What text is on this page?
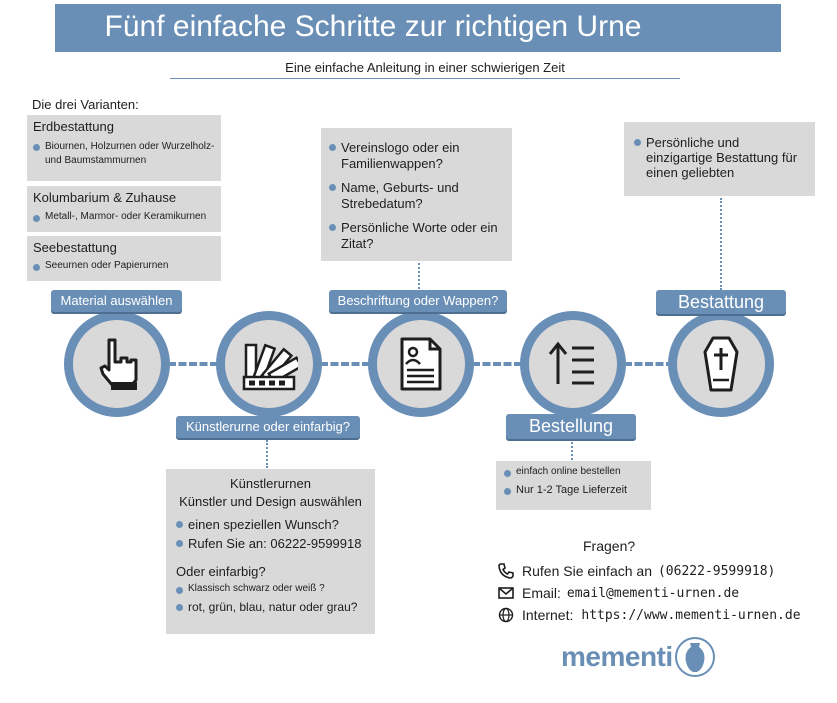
Fünf einfache Schritte zur richtigen Urne
Eine einfache Anleitung in einer schwierigen Zeit
Die drei Varianten:
Erdbestattung
Biournen, Holzurnen oder Wurzelholz- und Baumstammurnen
Kolumbarium & Zuhause
Metall-, Marmor- oder Keramikurnen
Seebestattung
Seeurnen oder Papierurnen
Vereinslogo oder ein Familienwappen?
Name, Geburts- und Strebedatum?
Persönliche Worte oder ein Zitat?
Persönliche und einzigartige Bestattung für einen geliebten
Material auswählen
Künstlerurne oder einfarbig?
Beschriftung oder Wappen?
Bestellung
Bestattung
Künstlerurnen
Künstler und Design auswählen
einen speziellen Wunsch?
Rufen Sie an: 06222-9599918
Oder einfarbig?
Klassisch schwarz oder weiß ?
rot, grün, blau, natur oder grau?
einfach online bestellen
Nur 1-2 Tage Lieferzeit
Fragen?
Rufen Sie einfach an (06222-9599918)
Email: email@mementi-urnen.de
Internet: https://www.mementi-urnen.de
mementi
